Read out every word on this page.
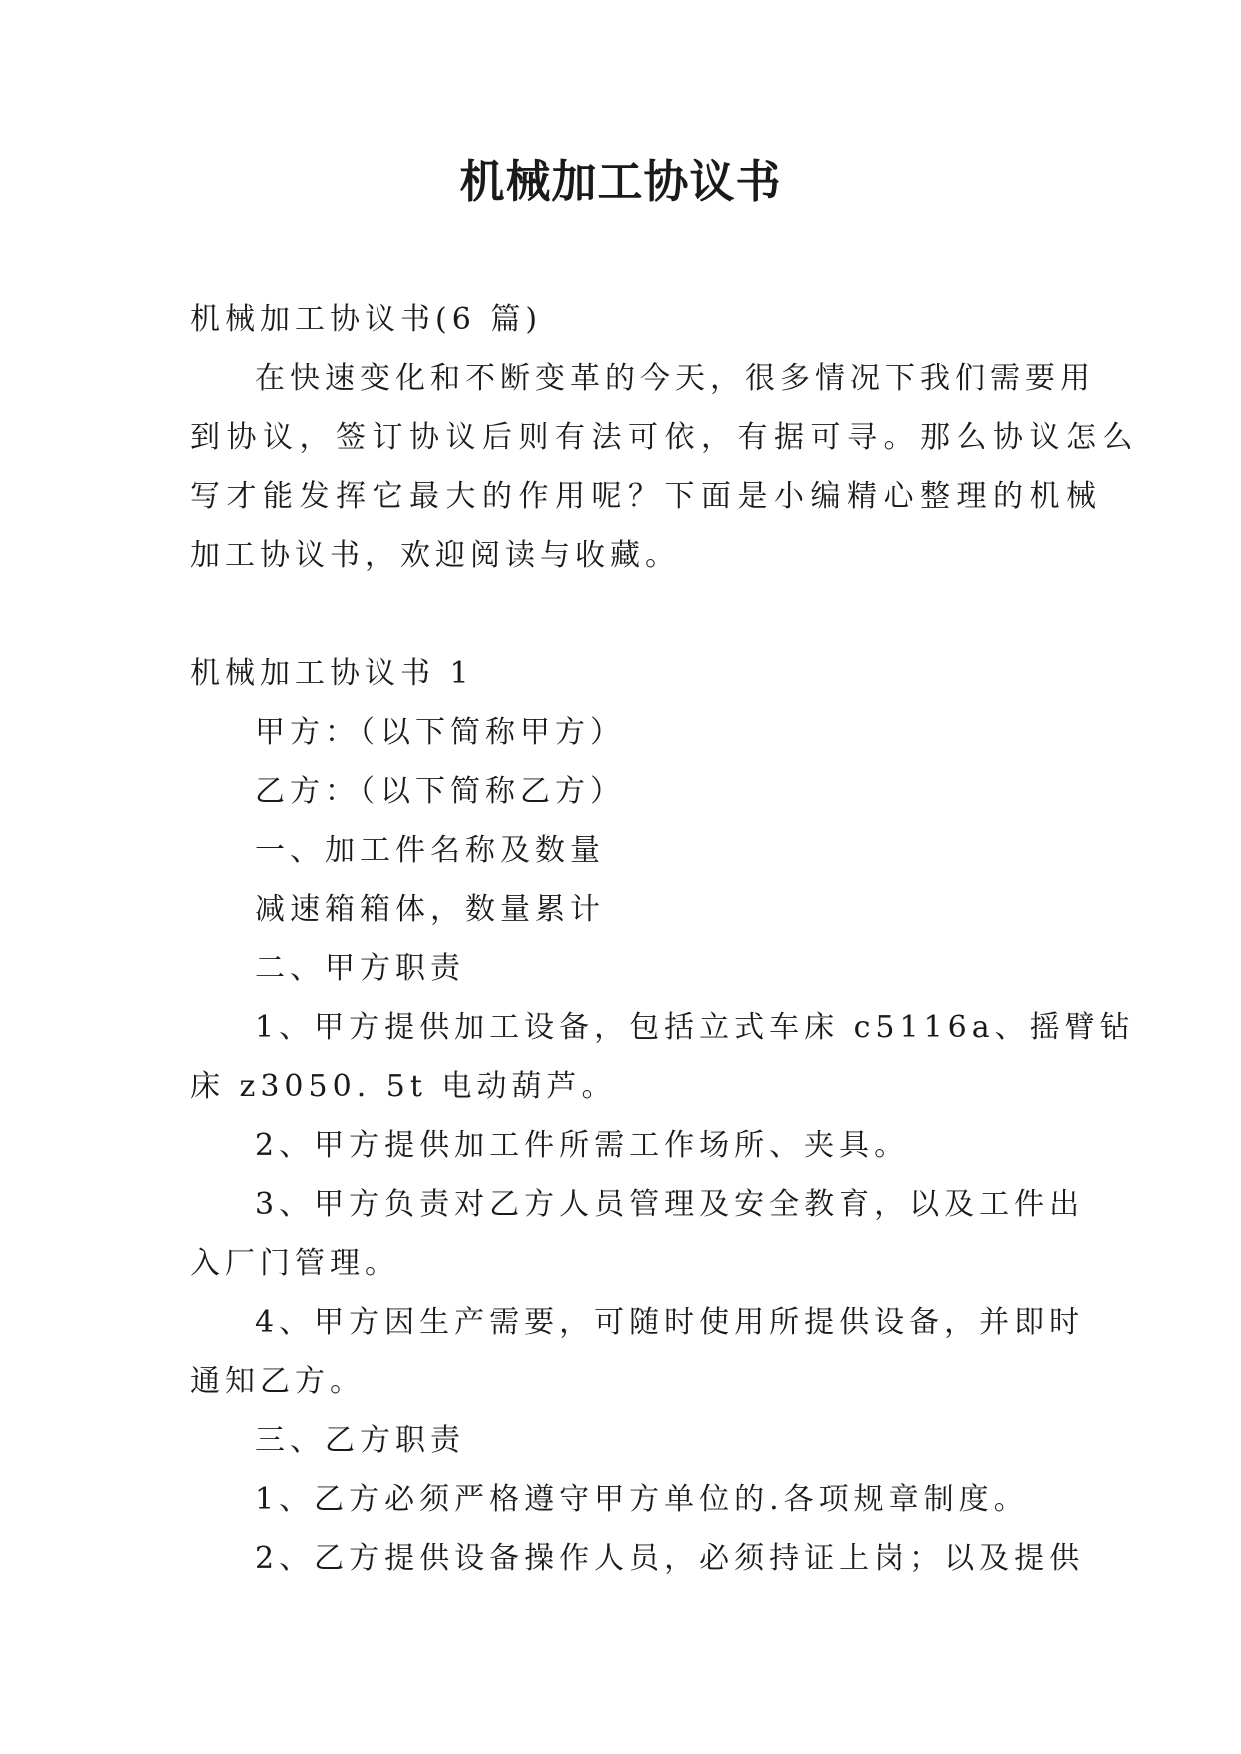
机械加工协议书
机械加工协议书(6 篇)
在快速变化和不断变革的今天，很多情况下我们需要用
到协议，签订协议后则有法可依，有据可寻。那么协议怎么
写才能发挥它最大的作用呢？下面是小编精心整理的机械
加工协议书，欢迎阅读与收藏。
机械加工协议书 1
甲方：（以下简称甲方）
乙方：（以下简称乙方）
一、加工件名称及数量
减速箱箱体，数量累计
二、甲方职责
1、甲方提供加工设备，包括立式车床 c5116a、摇臂钻
床 z3050. 5t 电动葫芦。
2、甲方提供加工件所需工作场所、夹具。
3、甲方负责对乙方人员管理及安全教育，以及工件出
入厂门管理。
4、甲方因生产需要，可随时使用所提供设备，并即时
通知乙方。
三、乙方职责
1、乙方必须严格遵守甲方单位的.各项规章制度。
2、乙方提供设备操作人员，必须持证上岗；以及提供
